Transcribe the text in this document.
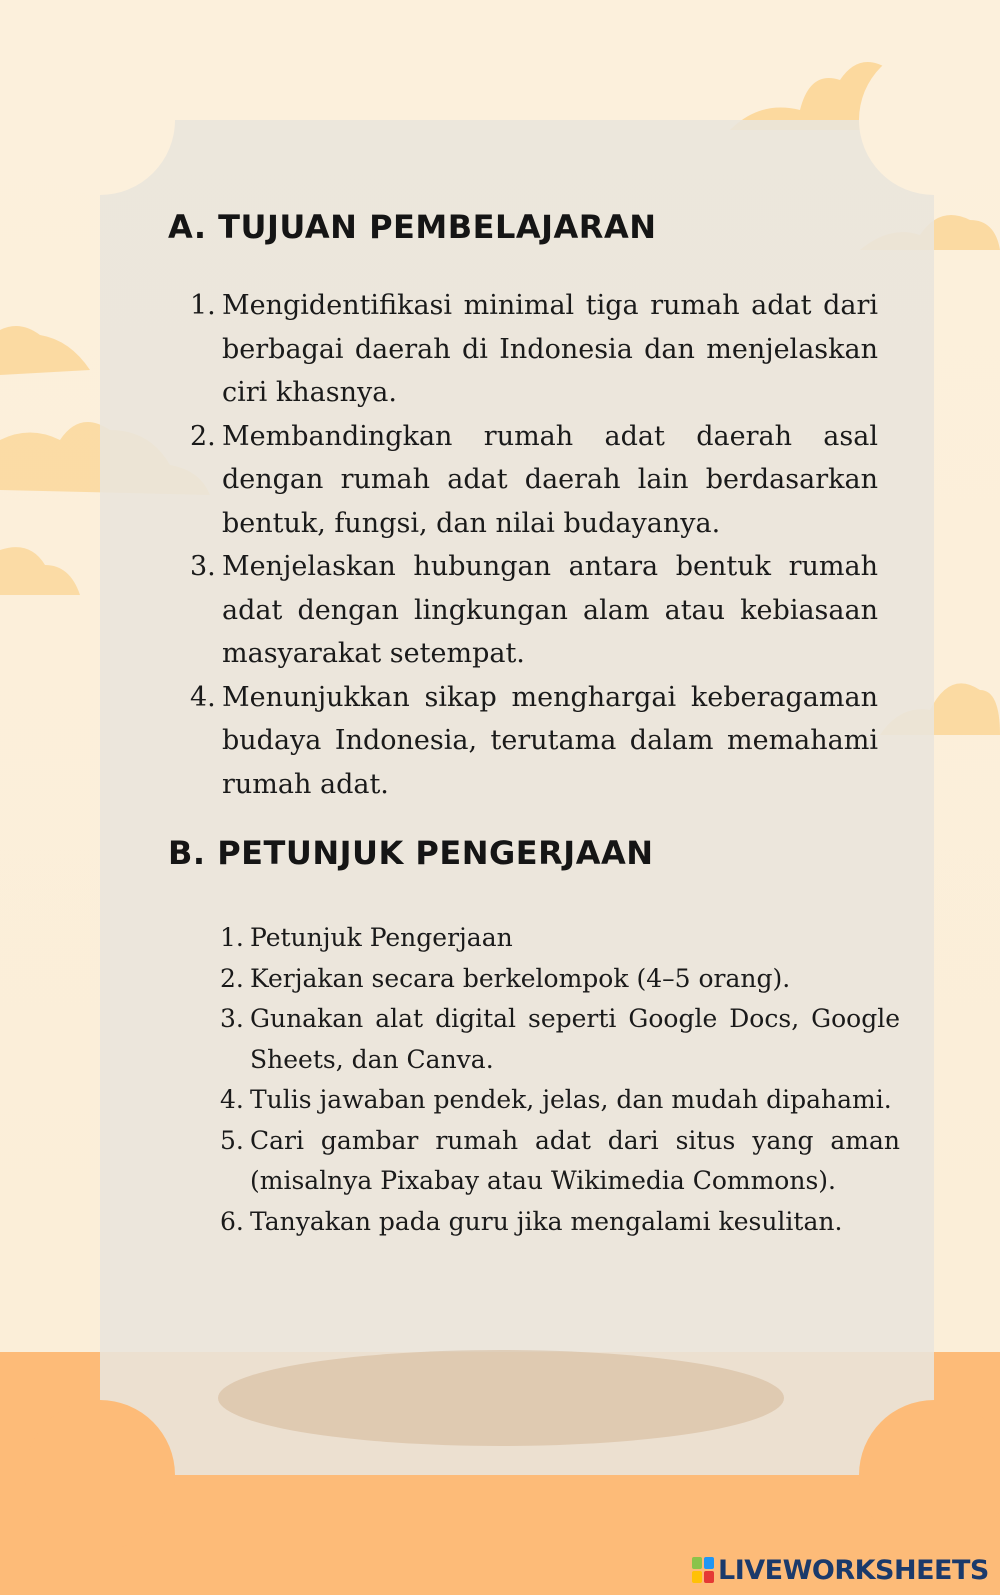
A. TUJUAN PEMBELAJARAN
1. Mengidentifikasi minimal tiga rumah adat dari berbagai daerah di Indonesia dan menjelaskan ciri khasnya.
2. Membandingkan rumah adat daerah asal dengan rumah adat daerah lain berdasarkan bentuk, fungsi, dan nilai budayanya.
3. Menjelaskan hubungan antara bentuk rumah adat dengan lingkungan alam atau kebiasaan masyarakat setempat.
4. Menunjukkan sikap menghargai keberagaman budaya Indonesia, terutama dalam memahami rumah adat.
B. PETUNJUK PENGERJAAN
1. Petunjuk Pengerjaan
2. Kerjakan secara berkelompok (4–5 orang).
3. Gunakan alat digital seperti Google Docs, Google Sheets, dan Canva.
4. Tulis jawaban pendek, jelas, dan mudah dipahami.
5. Cari gambar rumah adat dari situs yang aman (misalnya Pixabay atau Wikimedia Commons).
6. Tanyakan pada guru jika mengalami kesulitan.
LIVEWORKSHEETS
